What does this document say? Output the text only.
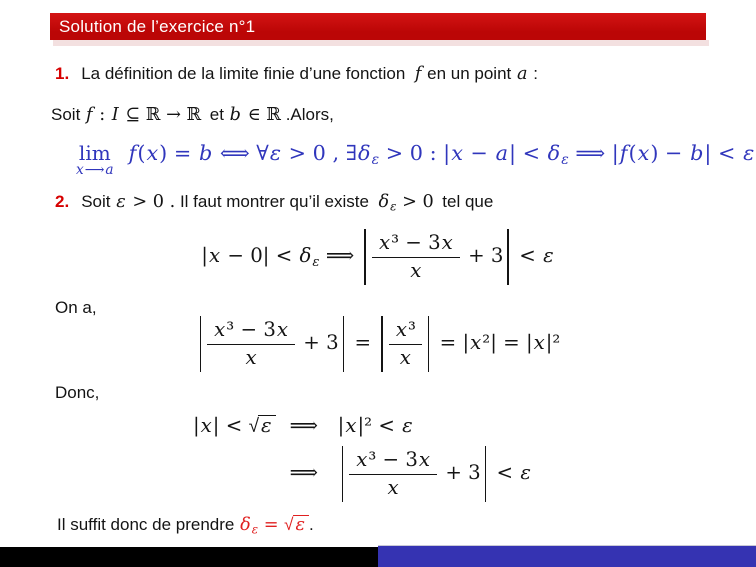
Solution de l’exercice n°1

1. La définition de la limite finie d’une fonction f en un point a :

Soit f : I ⊆ ℝ → ℝ et b ∈ ℝ .Alors,

lim
x⟶a
f(x) = b ⟺ ∀ε > 0 , $\exists\delta_\varepsilon > 0$ : $|x - a| < \delta_\varepsilon$ ⟹ |f(x) − b| < ε

2. Soit ε > 0 . Il faut montrer qu’il existe $\delta_\varepsilon > 0$ tel que

$|x - 0| < \delta_\varepsilon$ ⟹ $\frac{\text{x³ − 3x}}{x} + 3 < \varepsilon$

On a,

$\frac{\text{x³ − 3x}}{x} + 3 = \frac{\text{x³}}{x} = |x^2| = |x|^2$

Donc,

|x| < √ ε ⟹ |x|² < ε
⟹  $\frac{\text{x³ − 3x}}{x} + 3 < \varepsilon$

Il suffit donc de prendre $\delta_\varepsilon$ = √ ε .
